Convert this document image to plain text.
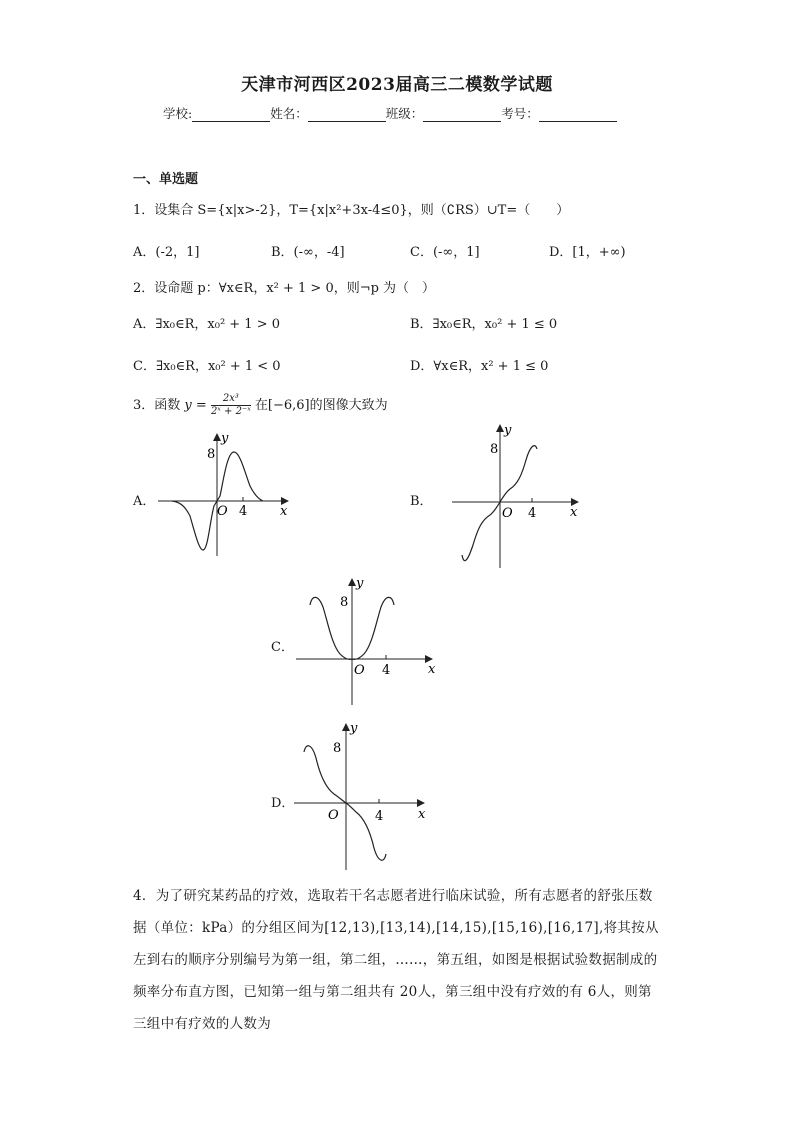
天津市河西区2023届高三二模数学试题
学校:	姓名：	班级：	考号：
一、单选题
1．设集合 S={x|x>-2}，T={x|x²+3x-4≤0}，则（∁RS）∪T=（　　）
A．(-2，1]	B．(-∞，-4]	C．(-∞，1]	D．[1，+∞)
2．设命题 p：∀x∈R，x² + 1 > 0，则¬p 为（　）
A．∃x₀∈R，x₀² + 1 > 0	B．∃x₀∈R，x₀² + 1 ≤ 0
C．∃x₀∈R，x₀² + 1 < 0	D．∀x∈R，x² + 1 ≤ 0
3．函数 $y = \frac{\text{2x³}}{\text{2ˣ + 2⁻ˣ}}$ 在[−6,6]的图像大致为
A．
8
4
O	x
y
B．
8
4
O	x
y
C．
8
4
O	x
y
D．
8
4
O	x
y
4．为了研究某药品的疗效，选取若干名志愿者进行临床试验，所有志愿者的舒张压数据（单位：kPa）的分组区间为[12,13),[13,14),[14,15),[15,16),[16,17],将其按从左到右的顺序分别编号为第一组，第二组，……，第五组，如图是根据试验数据制成的频率分布直方图，已知第一组与第二组共有 20人，第三组中没有疗效的有 6人，则第三组中有疗效的人数为
